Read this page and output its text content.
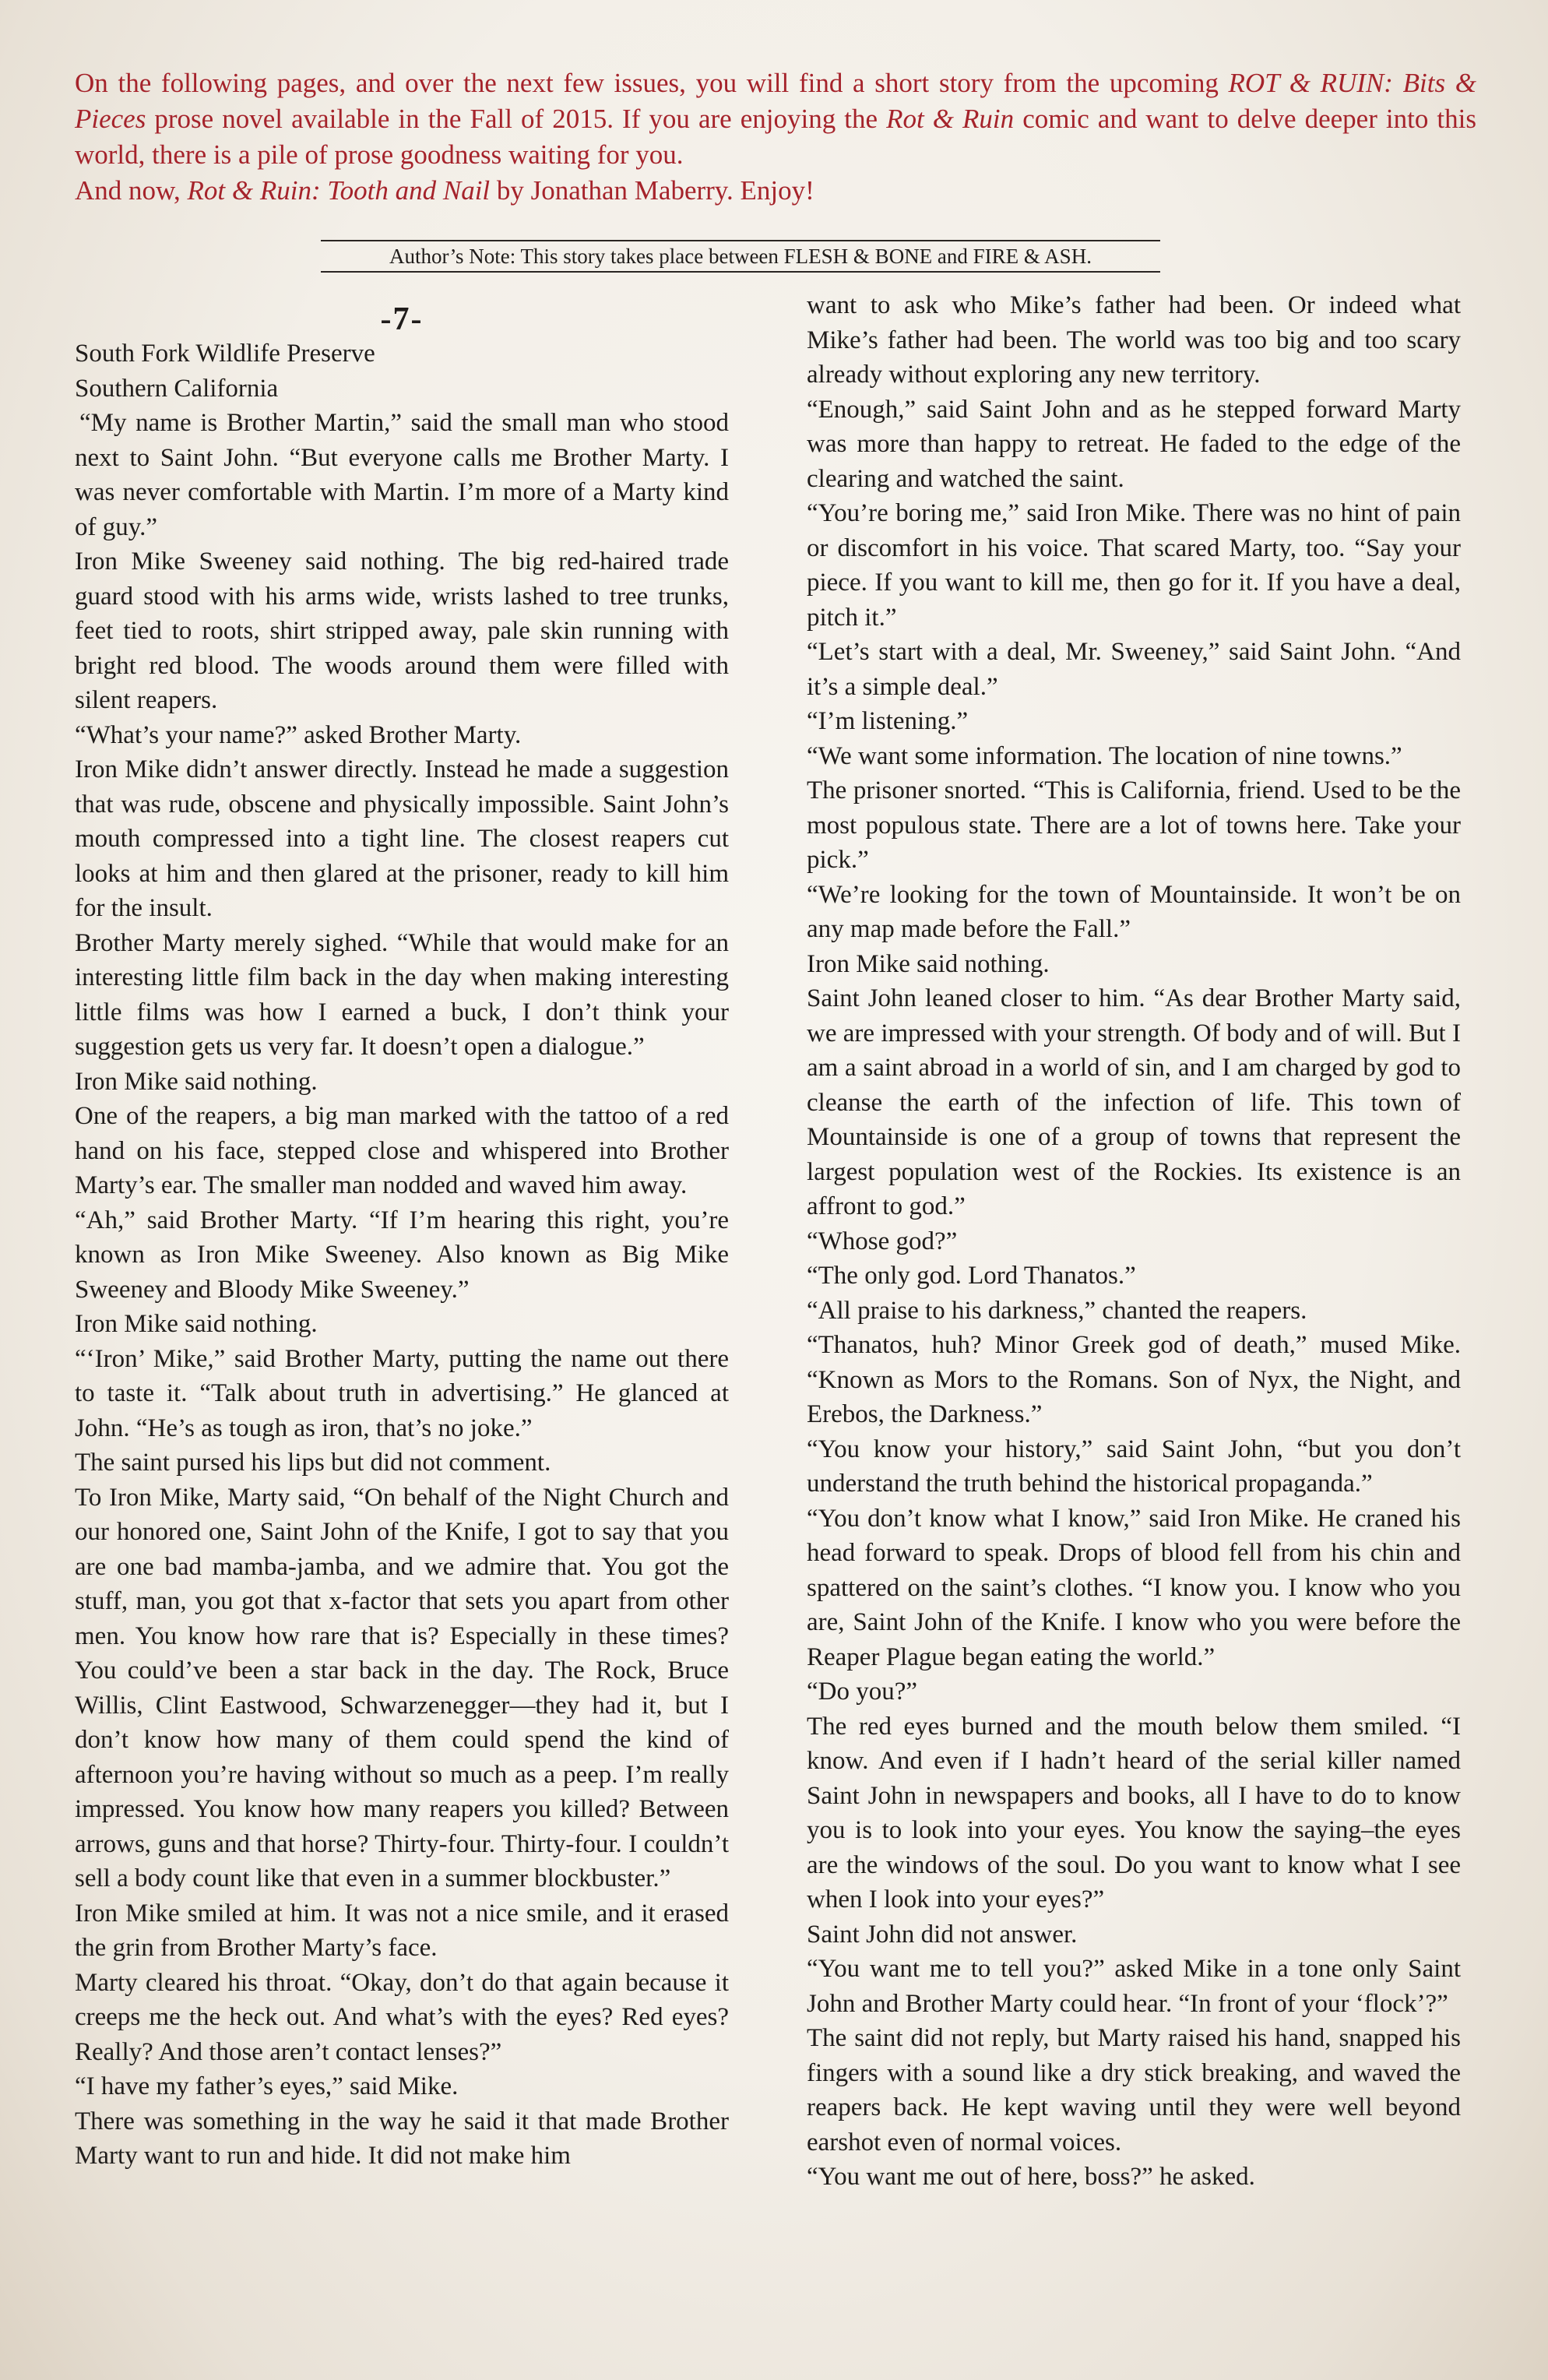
On the following pages, and over the next few issues, you will find a short story from the upcoming ROT & RUIN: Bits & Pieces prose novel available in the Fall of 2015. If you are enjoying the Rot & Ruin comic and want to delve deeper into this world, there is a pile of prose goodness waiting for you.

And now, Rot & Ruin: Tooth and Nail by Jonathan Maberry. Enjoy!

Author’s Note: This story takes place between FLESH & BONE and FIRE & ASH.
-7-

South Fork Wildlife Preserve

Southern California

“My name is Brother Martin,” said the small man who stood next to Saint John. “But everyone calls me Brother Marty. I was never comfortable with Martin. I’m more of a Marty kind of guy.”

Iron Mike Sweeney said nothing. The big red-haired trade guard stood with his arms wide, wrists lashed to tree trunks, feet tied to roots, shirt stripped away, pale skin running with bright red blood. The woods around them were filled with silent reapers.

“What’s your name?” asked Brother Marty.

Iron Mike didn’t answer directly. Instead he made a suggestion that was rude, obscene and physically impossible. Saint John’s mouth compressed into a tight line. The closest reapers cut looks at him and then glared at the prisoner, ready to kill him for the insult.

Brother Marty merely sighed. “While that would make for an interesting little film back in the day when making interesting little films was how I earned a buck, I don’t think your suggestion gets us very far. It doesn’t open a dialogue.”

Iron Mike said nothing.

One of the reapers, a big man marked with the tattoo of a red hand on his face, stepped close and whispered into Brother Marty’s ear. The smaller man nodded and waved him away.

“Ah,” said Brother Marty. “If I’m hearing this right, you’re known as Iron Mike Sweeney. Also known as Big Mike Sweeney and Bloody Mike Sweeney.”

Iron Mike said nothing.

“‘Iron’ Mike,” said Brother Marty, putting the name out there to taste it. “Talk about truth in advertising.” He glanced at John. “He’s as tough as iron, that’s no joke.”

The saint pursed his lips but did not comment.

To Iron Mike, Marty said, “On behalf of the Night Church and our honored one, Saint John of the Knife, I got to say that you are one bad mamba-jamba, and we admire that. You got the stuff, man, you got that x-factor that sets you apart from other men. You know how rare that is? Especially in these times? You could’ve been a star back in the day. The Rock, Bruce Willis, Clint Eastwood, Schwarzenegger—they had it, but I don’t know how many of them could spend the kind of afternoon you’re having without so much as a peep. I’m really impressed. You know how many reapers you killed? Between arrows, guns and that horse? Thirty-four. Thirty-four. I couldn’t sell a body count like that even in a summer blockbuster.”

Iron Mike smiled at him. It was not a nice smile, and it erased the grin from Brother Marty’s face.

Marty cleared his throat. “Okay, don’t do that again because it creeps me the heck out. And what’s with the eyes? Red eyes? Really? And those aren’t contact lenses?”

“I have my father’s eyes,” said Mike.

There was something in the way he said it that made Brother Marty want to run and hide. It did not make him

want to ask who Mike’s father had been. Or indeed what Mike’s father had been. The world was too big and too scary already without exploring any new territory.

“Enough,” said Saint John and as he stepped forward Marty was more than happy to retreat. He faded to the edge of the clearing and watched the saint.

“You’re boring me,” said Iron Mike. There was no hint of pain or discomfort in his voice. That scared Marty, too. “Say your piece. If you want to kill me, then go for it. If you have a deal, pitch it.”

“Let’s start with a deal, Mr. Sweeney,” said Saint John. “And it’s a simple deal.”

“I’m listening.”

“We want some information. The location of nine towns.”

The prisoner snorted. “This is California, friend. Used to be the most populous state. There are a lot of towns here. Take your pick.”

“We’re looking for the town of Mountainside. It won’t be on any map made before the Fall.”

Iron Mike said nothing.

Saint John leaned closer to him. “As dear Brother Marty said, we are impressed with your strength. Of body and of will. But I am a saint abroad in a world of sin, and I am charged by god to cleanse the earth of the infection of life. This town of Mountainside is one of a group of towns that represent the largest population west of the Rockies. Its existence is an affront to god.”

“Whose god?”

“The only god. Lord Thanatos.”

“All praise to his darkness,” chanted the reapers.

“Thanatos, huh? Minor Greek god of death,” mused Mike. “Known as Mors to the Romans. Son of Nyx, the Night, and Erebos, the Darkness.”

“You know your history,” said Saint John, “but you don’t understand the truth behind the historical propaganda.”

“You don’t know what I know,” said Iron Mike. He craned his head forward to speak. Drops of blood fell from his chin and spattered on the saint’s clothes. “I know you. I know who you are, Saint John of the Knife. I know who you were before the Reaper Plague began eating the world.”

“Do you?”

The red eyes burned and the mouth below them smiled. “I know. And even if I hadn’t heard of the serial killer named Saint John in newspapers and books, all I have to do to know you is to look into your eyes. You know the saying–the eyes are the windows of the soul. Do you want to know what I see when I look into your eyes?”

Saint John did not answer.

“You want me to tell you?” asked Mike in a tone only Saint John and Brother Marty could hear. “In front of your ‘flock’?”

The saint did not reply, but Marty raised his hand, snapped his fingers with a sound like a dry stick breaking, and waved the reapers back. He kept waving until they were well beyond earshot even of normal voices.

“You want me out of here, boss?” he asked.
